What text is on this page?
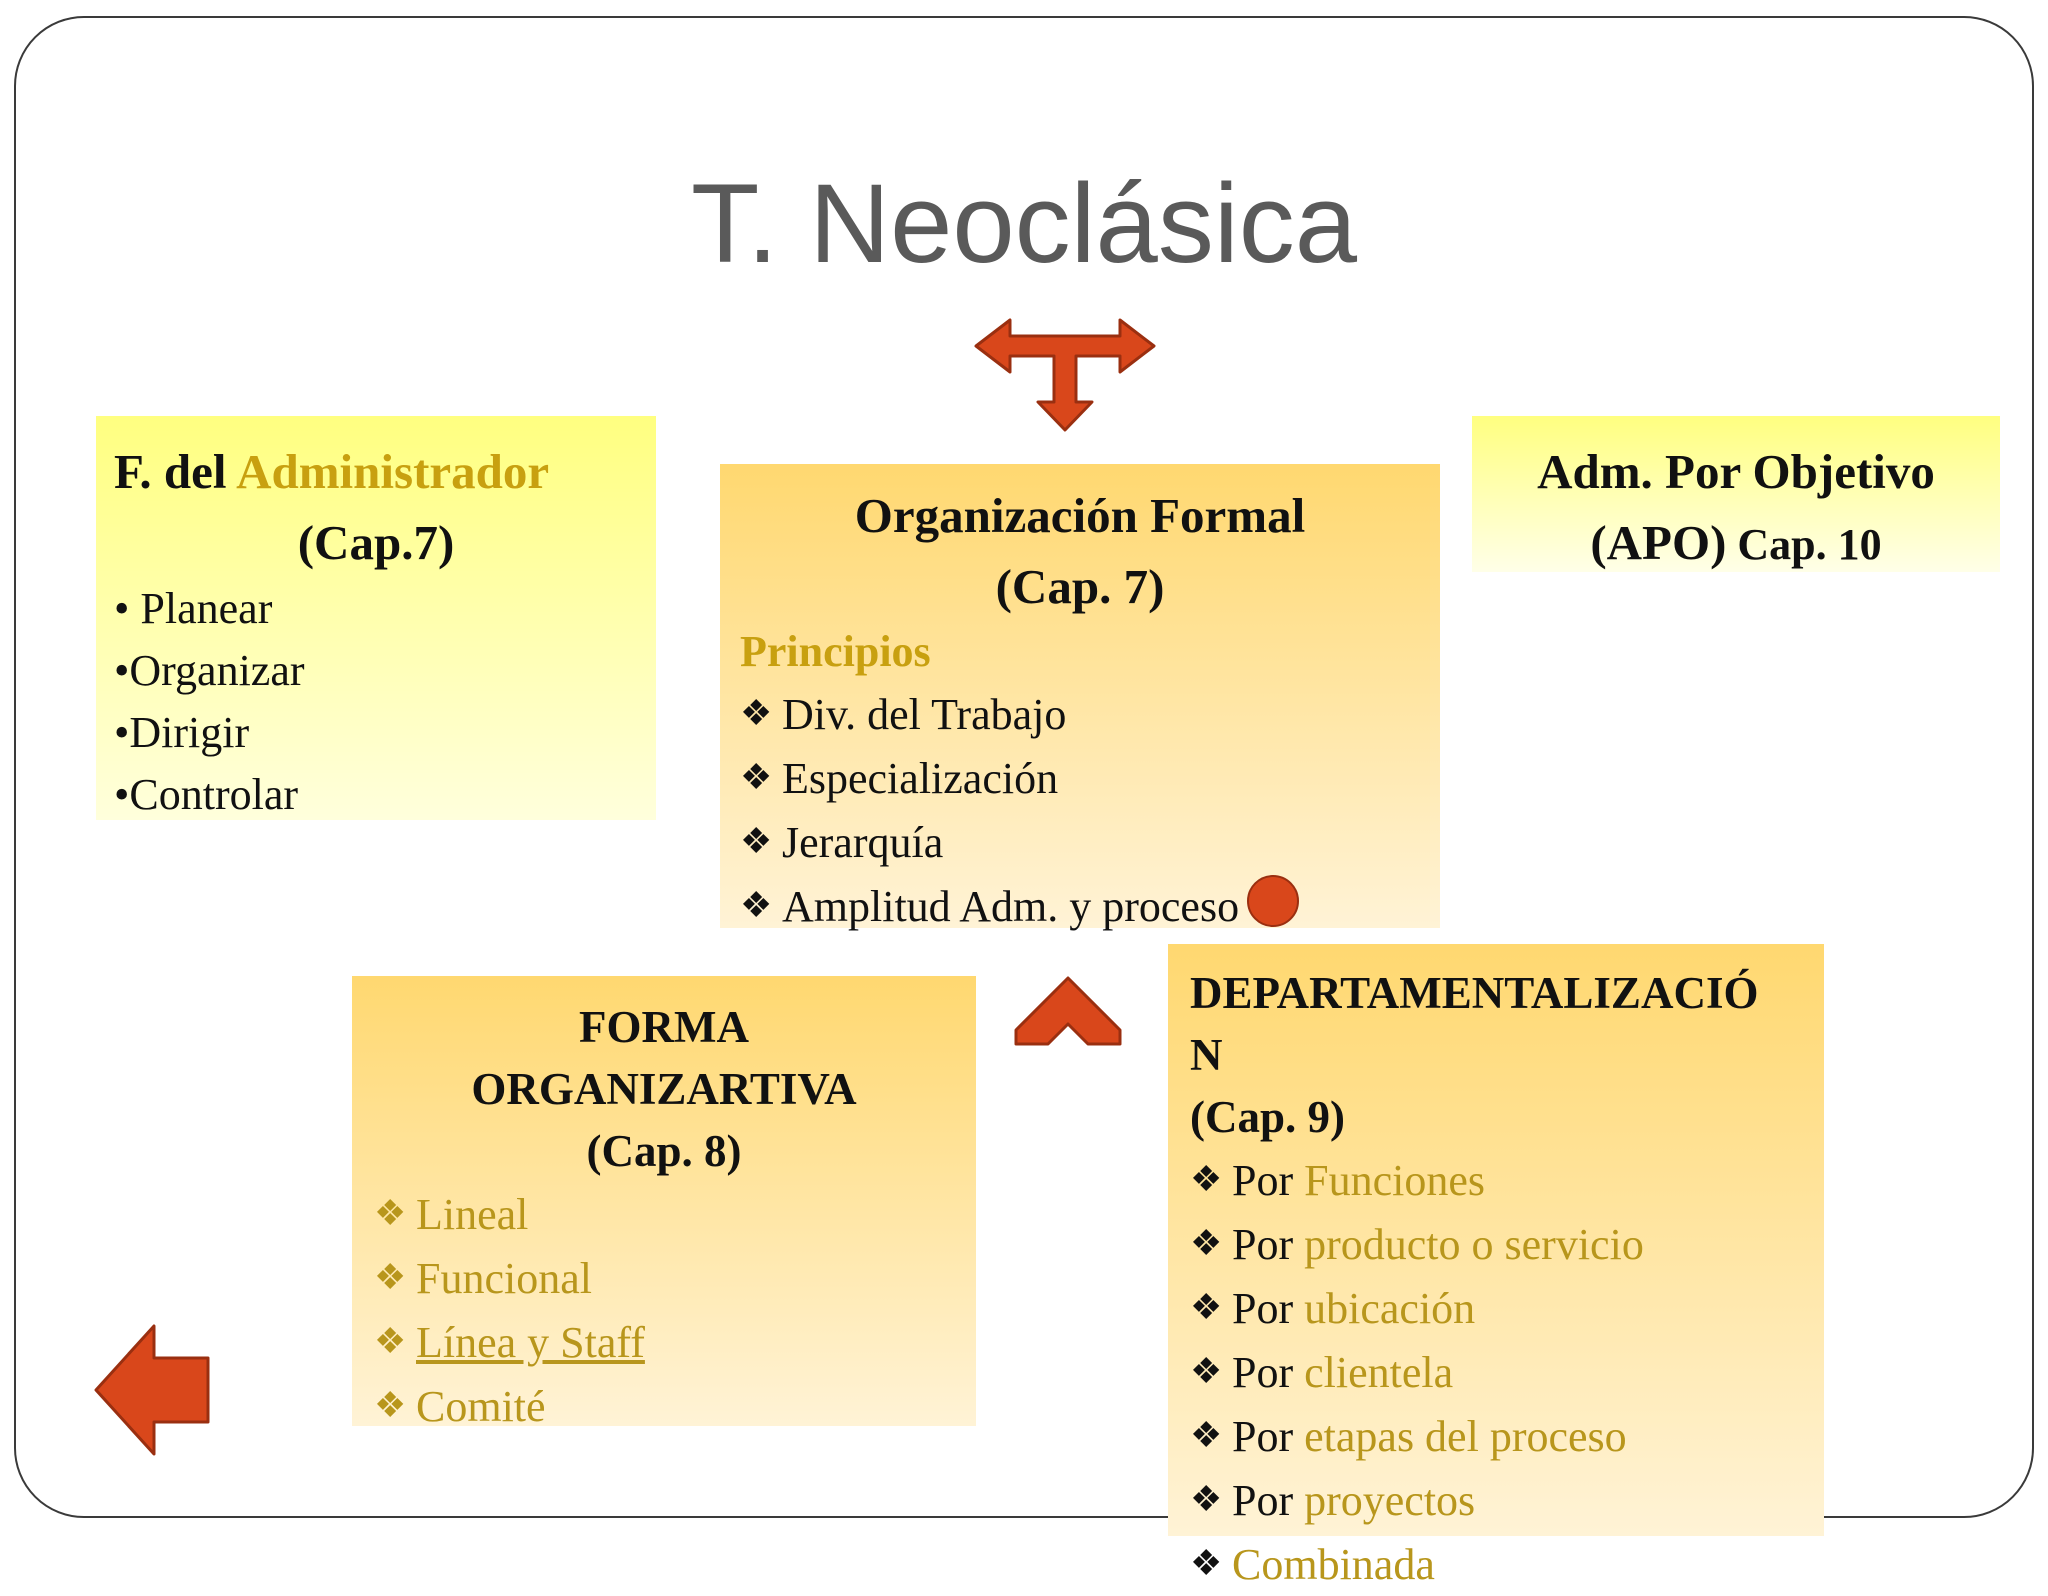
T. Neoclásica
F. del Administrador
(Cap.7)
• Planear
•Organizar
•Dirigir
•Controlar
Adm. Por Objetivo
(APO) Cap. 10
Organización Formal
(Cap. 7)
Principios
❖ Div. del Trabajo
❖ Especialización
❖ Jerarquía
❖ Amplitud Adm. y proceso
FORMA
ORGANIZARTIVA
(Cap. 8)
❖ Lineal
❖ Funcional
❖ Línea y Staff
❖ Comité
DEPARTAMENTALIZACIÓ
N
(Cap. 9)
❖ Por Funciones
❖ Por producto o servicio
❖ Por ubicación
❖ Por clientela
❖ Por etapas del proceso
❖ Por proyectos
❖ Combinada
